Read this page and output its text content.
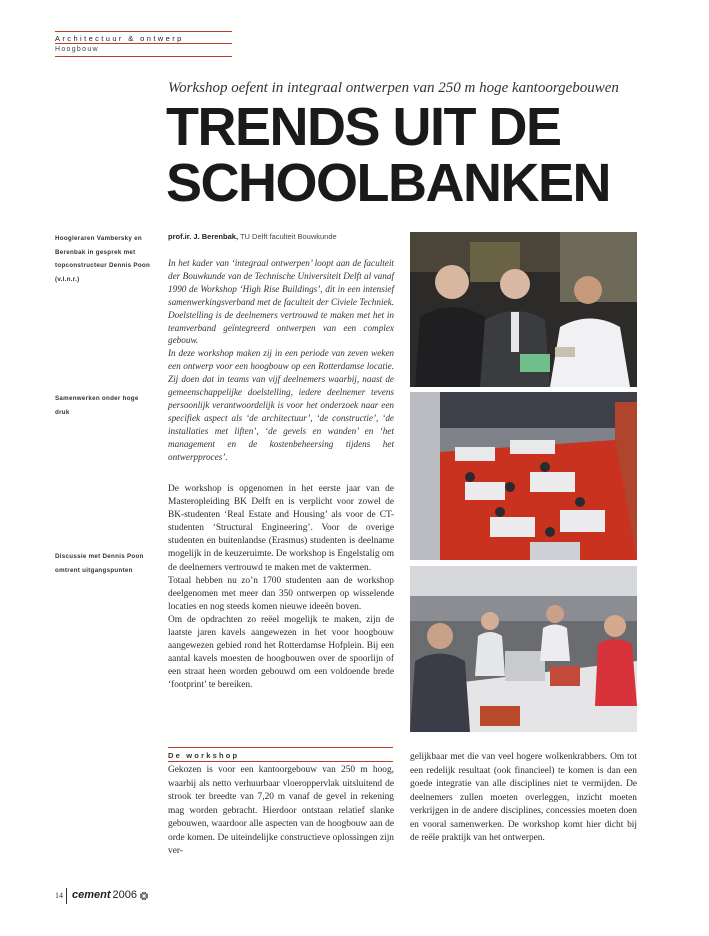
Architectuur & ontwerp
Hoogbouw
Workshop oefent in integraal ontwerpen van 250 m hoge kantoorgebouwen
TRENDS UIT DE
SCHOOLBANKEN
prof.ir. J. Berenbak, TU Delft faculteit Bouwkunde
Hoogleraren Vambersky en Berenbak in gesprek met topconstructeur Dennis Poon (v.l.n.r.)
Samenwerken onder hoge druk
Discussie met Dennis Poon omtrent uitgangspunten

In het kader van ‘integraal ontwerpen’ loopt aan de faculteit der Bouwkunde van de Technische Universiteit Delft al vanaf 1990 de Workshop ‘High Rise Buildings’, dit in een intensief samenwerkingsverband met de faculteit der Civiele Techniek. Doelstelling is de deelnemers vertrouwd te maken met het in teamverband geïntegreerd ontwerpen van een complex gebouw.

In deze workshop maken zij in een periode van zeven weken een ontwerp voor een hoogbouw op een Rotterdamse locatie. Zij doen dat in teams van vijf deelnemers waarbij, naast de gemeenschappelijke doelstelling, iedere deelnemer tevens persoonlijk verantwoordelijk is voor het onderzoek naar een specifiek aspect als ‘de architectuur’, ‘de constructie’, ‘de installaties met liften’, ‘de gevels en wanden’ en ‘het management en de kostenbeheersing tijdens het ontwerpproces’.

De workshop is opgenomen in het eerste jaar van de Masteropleiding BK Delft en is verplicht voor zowel de BK-studenten ‘Real Estate and Housing’ als voor de CT-studenten ‘Structural Engineering’. Voor de overige studenten en buitenlandse (Erasmus) studenten is deelname mogelijk in de keuzeruimte. De workshop is Engelstalig om de deelnemers vertrouwd te maken met de vaktermen.

Totaal hebben nu zo’n 1700 studenten aan de workshop deelgenomen met meer dan 350 ontwerpen op wisselende locaties en nog steeds komen nieuwe ideeën boven.

Om de opdrachten zo reëel mogelijk te maken, zijn de laatste jaren kavels aangewezen in het voor hoogbouw aangewezen gebied rond het Rotterdamse Hofplein. Bij een aantal kavels moesten de hoogbouwen over de spoorlijn of een straat heen worden gebouwd om een voldoende brede ‘footprint’ te bereiken.

De workshop
Gekozen is voor een kantoorgebouw van 250 m hoog, waarbij als netto verhuurbaar vloeroppervlak uitsluitend de strook ter breedte van 7,20 m vanaf de gevel in rekening mag worden gebracht. Hierdoor ontstaan relatief slanke gebouwen, waardoor alle aspecten van de hoogbouw aan de orde komen. De uiteindelijke constructieve oplossingen zijn ver-
gelijkbaar met die van veel hogere wolkenkrabbers. Om tot een redelijk resultaat (ook financieel) te komen is dan een goede integratie van alle disciplines niet te vermijden. De deelnemers zullen moeten overleggen, inzicht moeten verkrijgen in de andere disciplines, concessies moeten doen en vooral samenwerken. De workshop komt hier dicht bij de reële praktijk van het ontwerpen.
14 cement 2006
